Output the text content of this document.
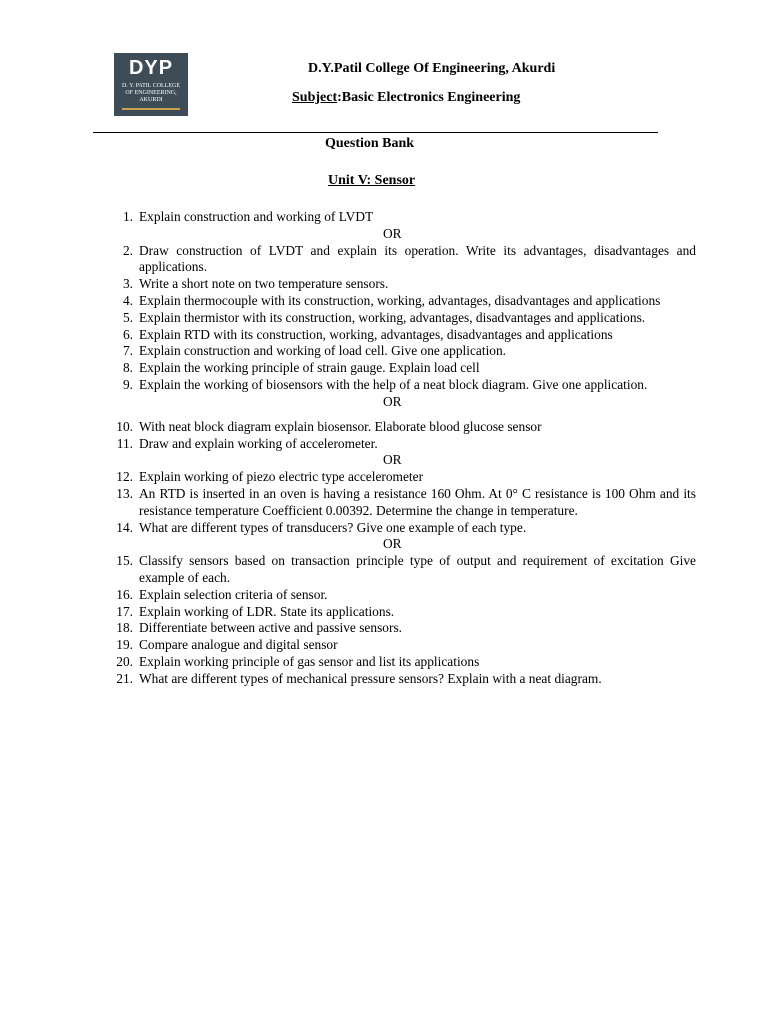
DYP
D. Y. PATIL COLLEGE
OF ENGINEERING,
AKURDI
D.Y.Patil College Of Engineering, Akurdi
Subject:Basic Electronics Engineering
Question Bank
Unit V: Sensor
1. Explain construction and working of LVDT
OR
2. Draw construction of LVDT and explain its operation. Write its advantages, disadvantages and applications.
3. Write a short note on two temperature sensors.
4. Explain thermocouple with its construction, working, advantages, disadvantages and applications
5. Explain thermistor with its construction, working, advantages, disadvantages and applications.
6. Explain RTD with its construction, working, advantages, disadvantages and applications
7. Explain construction and working of load cell. Give one application.
8. Explain the working principle of strain gauge. Explain load cell
9. Explain the working of biosensors with the help of a neat block diagram. Give one application.
OR
10. With neat block diagram explain biosensor. Elaborate blood glucose sensor
11. Draw and explain working of accelerometer.
OR
12. Explain working of piezo electric type accelerometer
13. An RTD is inserted in an oven is having a resistance 160 Ohm. At 0° C resistance is 100 Ohm and its resistance temperature Coefficient 0.00392. Determine the change in temperature.
14. What are different types of transducers? Give one example of each type.
OR
15. Classify sensors based on transaction principle type of output and requirement of excitation Give example of each.
16. Explain selection criteria of sensor.
17. Explain working of LDR. State its applications.
18. Differentiate between active and passive sensors.
19. Compare analogue and digital sensor
20. Explain working principle of gas sensor and list its applications
21. What are different types of mechanical pressure sensors? Explain with a neat diagram.
